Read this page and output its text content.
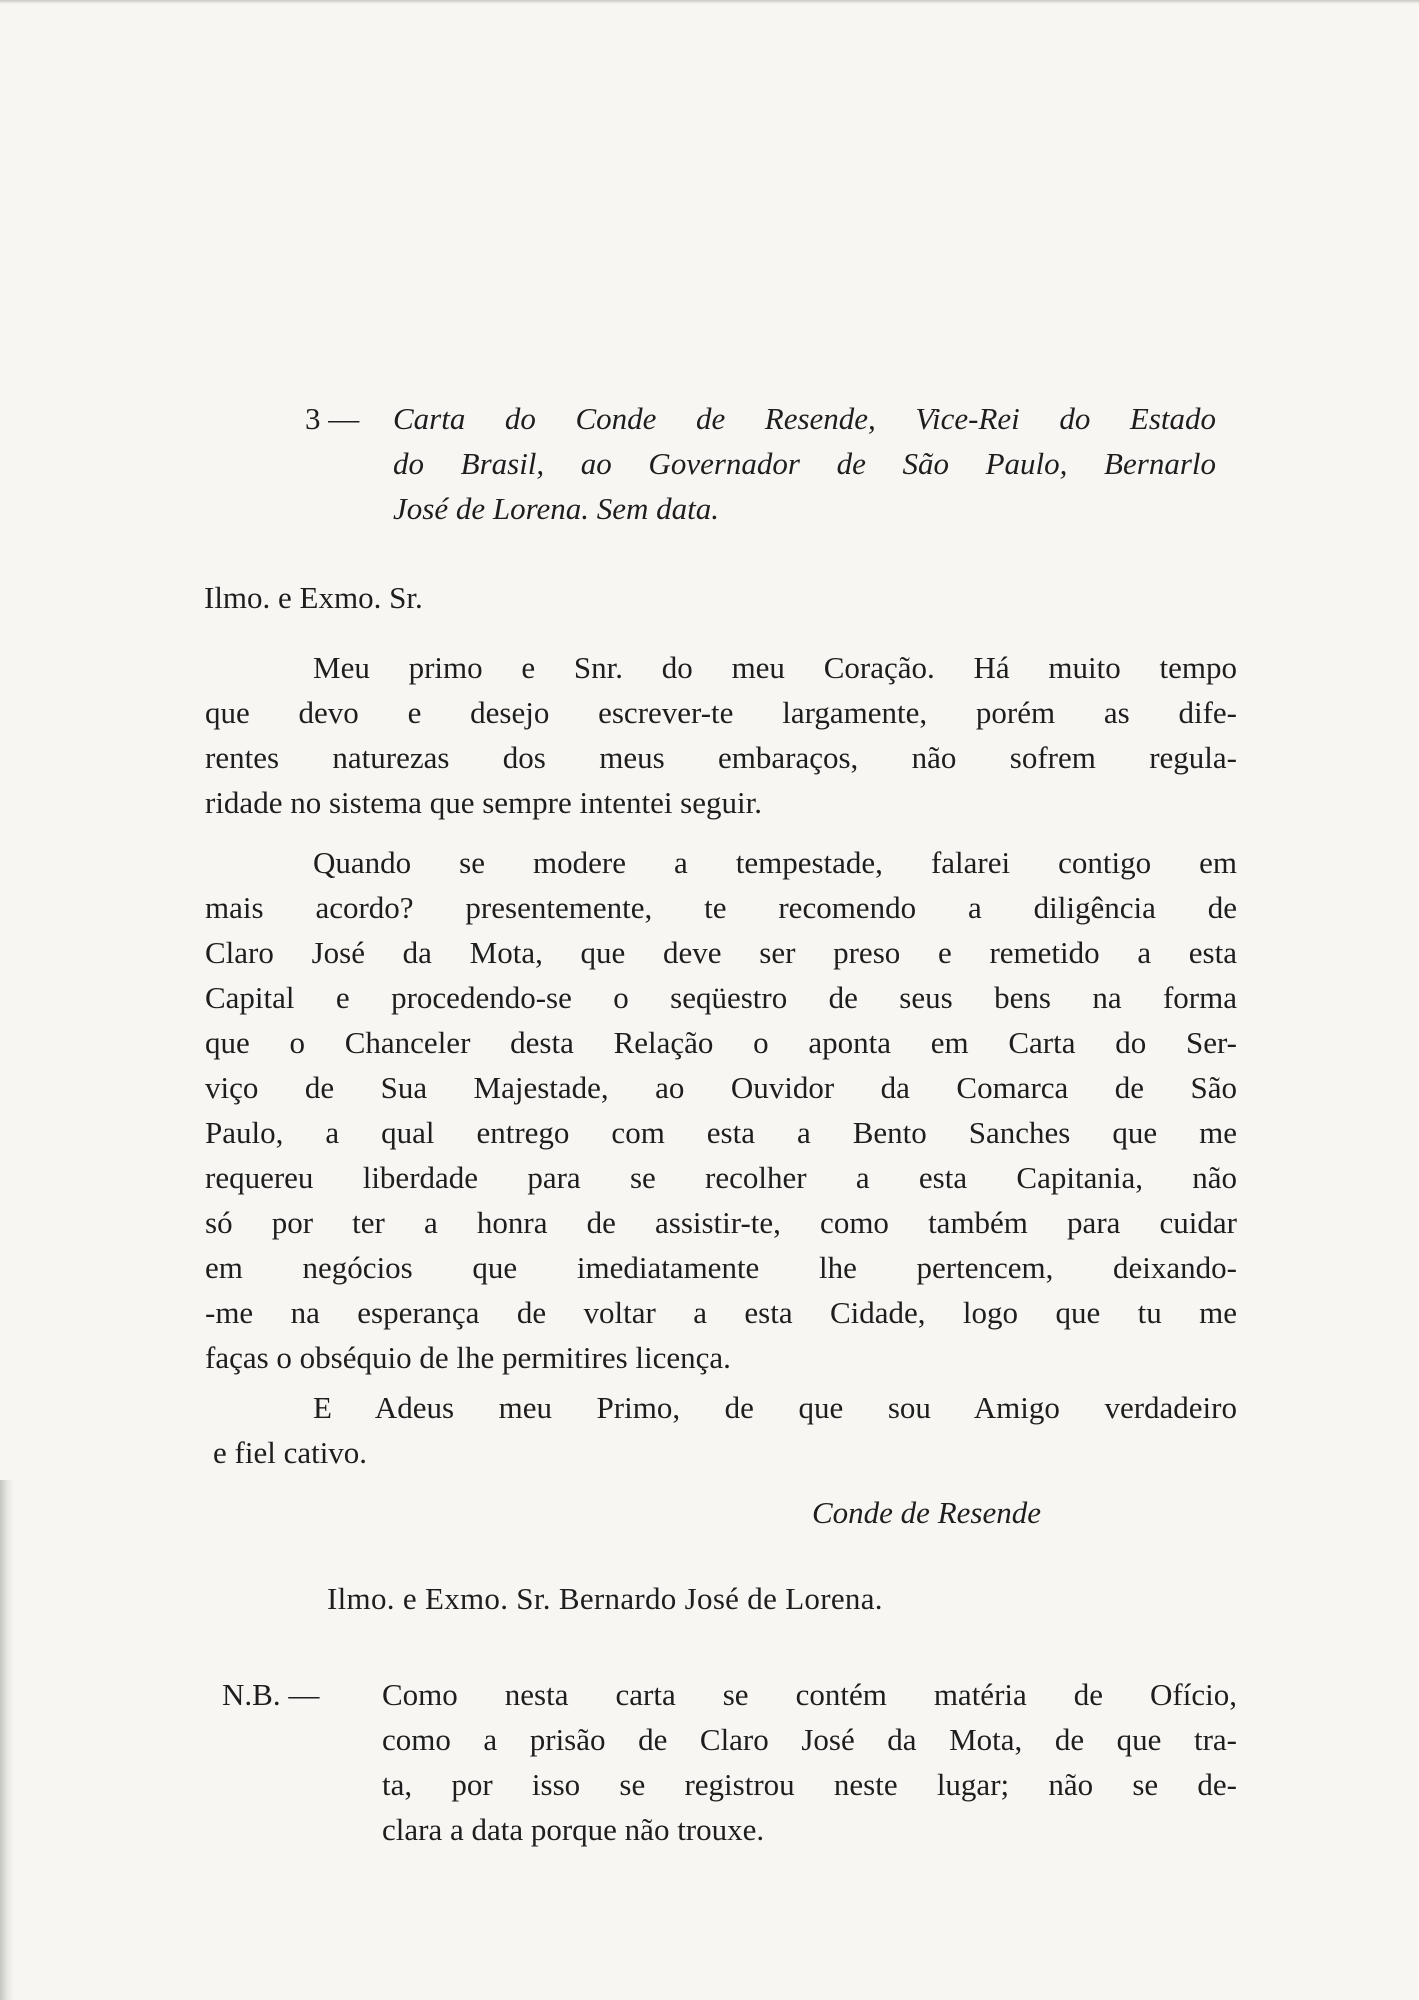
3 — Carta do Conde de Resende, Vice-Rei do Estado
do Brasil, ao Governador de São Paulo, Bernarlo
José de Lorena. Sem data.

Ilmo. e Exmo. Sr.

Meu primo e Snr. do meu Coração. Há muito tempo
que devo e desejo escrever-te largamente, porém as dife-
rentes naturezas dos meus embaraços, não sofrem regula-
ridade no sistema que sempre intentei seguir.

Quando se modere a tempestade, falarei contigo em
mais acordo? presentemente, te recomendo a diligência de
Claro José da Mota, que deve ser preso e remetido a esta
Capital e procedendo-se o seqüestro de seus bens na forma
que o Chanceler desta Relação o aponta em Carta do Ser-
viço de Sua Majestade, ao Ouvidor da Comarca de São
Paulo, a qual entrego com esta a Bento Sanches que me
requereu liberdade para se recolher a esta Capitania, não
só por ter a honra de assistir-te, como também para cuidar
em negócios que imediatamente lhe pertencem, deixando-
-me na esperança de voltar a esta Cidade, logo que tu me
faças o obséquio de lhe permitires licença.

E Adeus meu Primo, de que sou Amigo verdadeiro
e fiel cativo.

Conde de Resende

Ilmo. e Exmo. Sr. Bernardo José de Lorena.

N.B. — Como nesta carta se contém matéria de Ofício,
como a prisão de Claro José da Mota, de que tra-
ta, por isso se registrou neste lugar; não se de-
clara a data porque não trouxe.
